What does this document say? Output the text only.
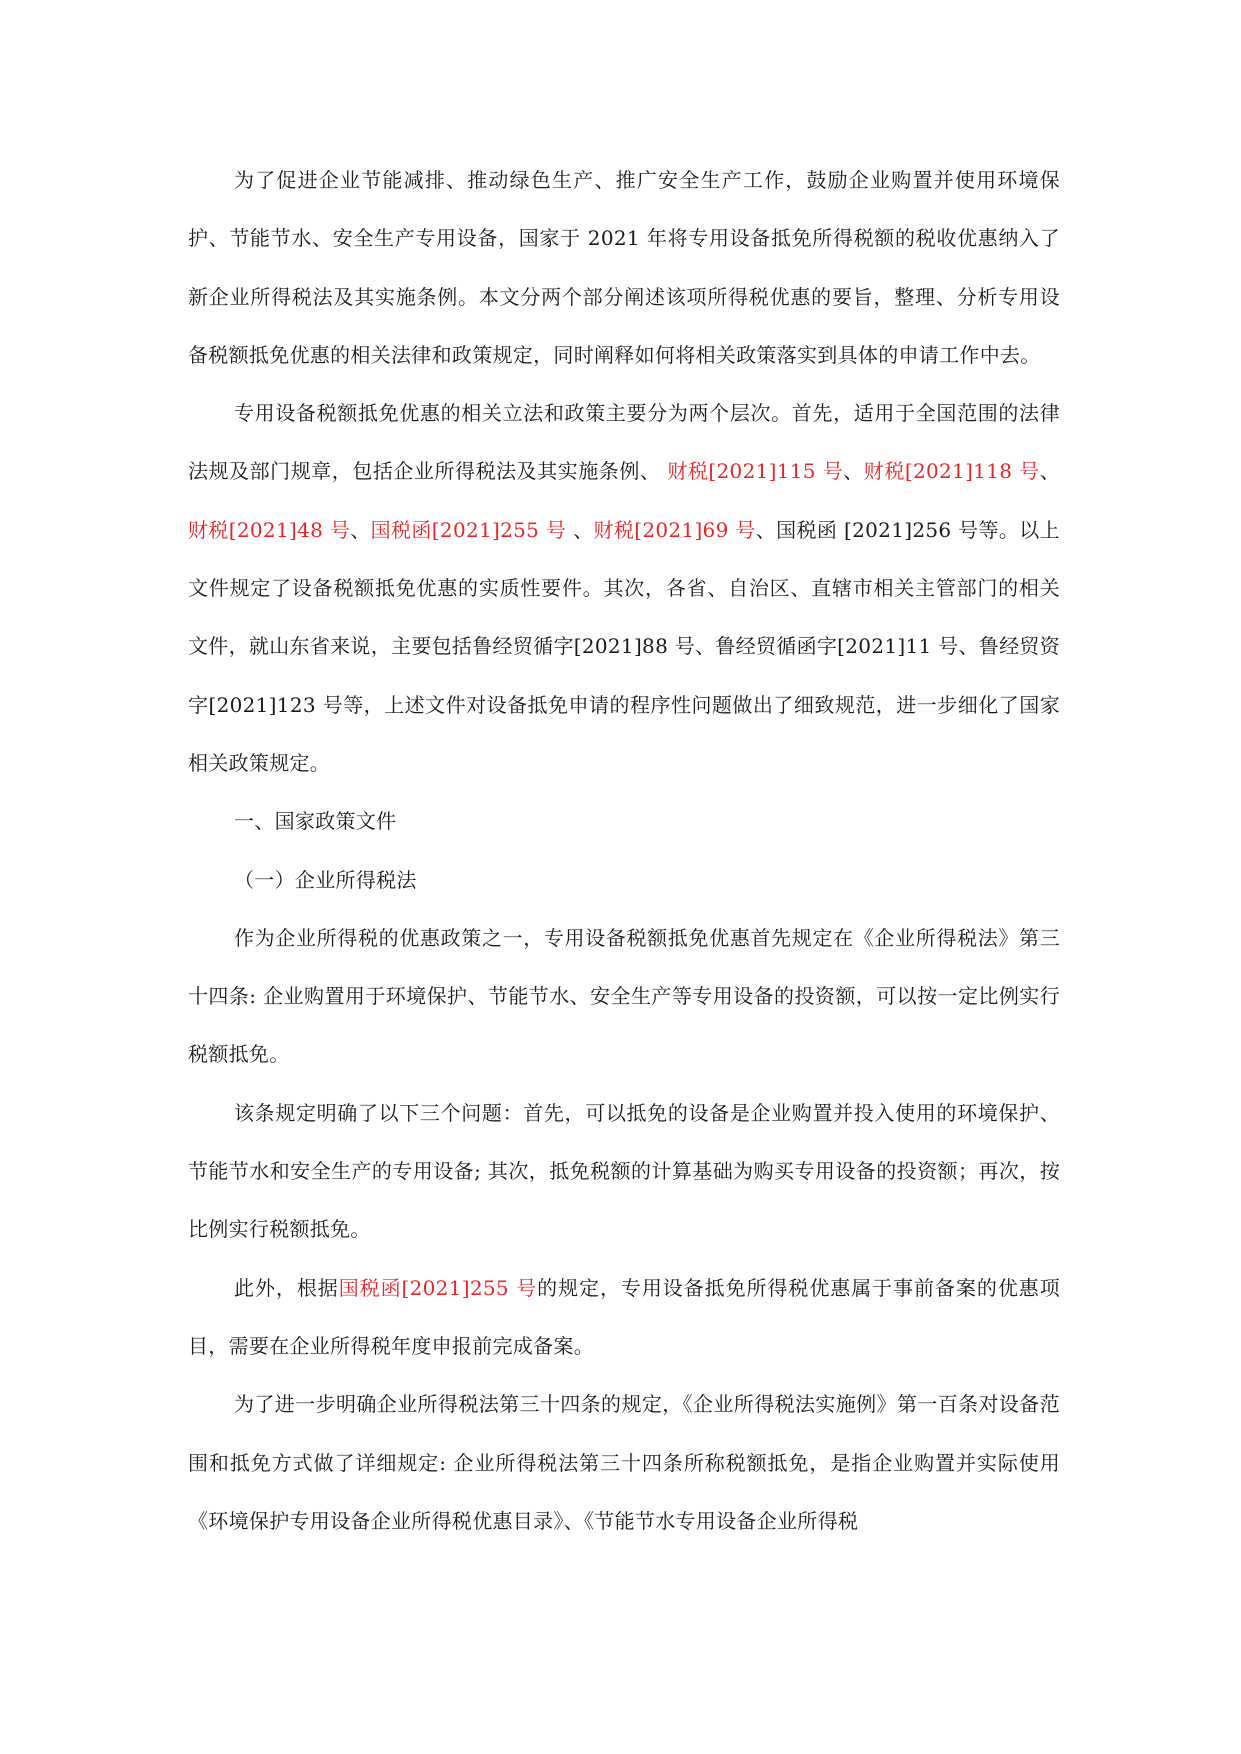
为了促进企业节能减排、推动绿色生产、推广安全生产工作，鼓励企业购置并使用环境保护、节能节水、安全生产专用设备，国家于 2021 年将专用设备抵免所得税额的税收优惠纳入了新企业所得税法及其实施条例。本文分两个部分阐述该项所得税优惠的要旨，整理、分析专用设备税额抵免优惠的相关法律和政策规定，同时阐释如何将相关政策落实到具体的申请工作中去。

专用设备税额抵免优惠的相关立法和政策主要分为两个层次。首先，适用于全国范围的法律法规及部门规章，包括企业所得税法及其实施条例、 财税[2021]115 号、财税[2021]118 号、财税[2021]48 号、国税函[2021]255 号 、财税[2021]69 号、国税函 [2021]256 号等。以上文件规定了设备税额抵免优惠的实质性要件。其次，各省、自治区、直辖市相关主管部门的相关文件，就山东省来说，主要包括鲁经贸循字[2021]88 号、鲁经贸循函字[2021]11 号、鲁经贸资字[2021]123 号等，上述文件对设备抵免申请的程序性问题做出了细致规范，进一步细化了国家相关政策规定。

一、国家政策文件

（一）企业所得税法

作为企业所得税的优惠政策之一，专用设备税额抵免优惠首先规定在《企业所得税法》第三十四条: 企业购置用于环境保护、节能节水、安全生产等专用设备的投资额，可以按一定比例实行税额抵免。

该条规定明确了以下三个问题：首先，可以抵免的设备是企业购置并投入使用的环境保护、节能节水和安全生产的专用设备; 其次，抵免税额的计算基础为购买专用设备的投资额；再次，按比例实行税额抵免。

此外，根据国税函[2021]255 号的规定，专用设备抵免所得税优惠属于事前备案的优惠项目，需要在企业所得税年度申报前完成备案。

为了进一步明确企业所得税法第三十四条的规定，《企业所得税法实施例》第一百条对设备范围和抵免方式做了详细规定: 企业所得税法第三十四条所称税额抵免，是指企业购置并实际使用《环境保护专用设备企业所得税优惠目录》、《节能节水专用设备企业所得税
